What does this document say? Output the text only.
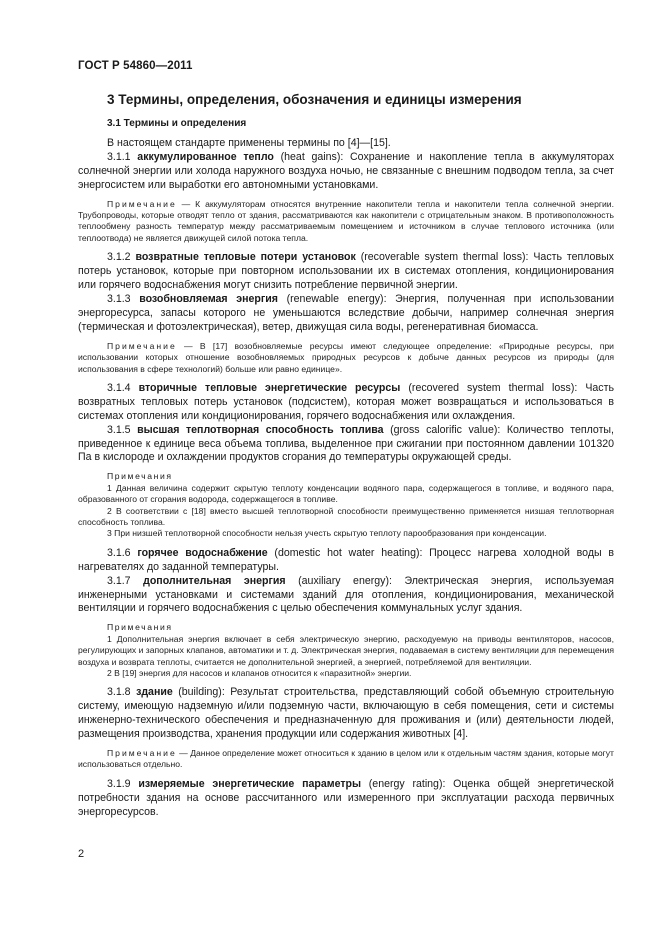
ГОСТ Р 54860—2011
3 Термины, определения, обозначения и единицы измерения
3.1 Термины и определения

В настоящем стандарте применены термины по [4]—[15].

3.1.1 аккумулированное тепло (heat gains): Сохранение и накопление тепла в аккумуляторах солнечной энергии или холода наружного воздуха ночью, не связанные с внешним подводом тепла, за счет энергосистем или выработки его автономными установками.

Примечание — К аккумуляторам относятся внутренние накопители тепла и накопители тепла солнечной энергии. Трубопроводы, которые отводят тепло от здания, рассматриваются как накопители с отрицательным знаком. В противоположность теплообмену разность температур между рассматриваемым помещением и источником в случае теплового источника (или теплоотвода) не является движущей силой потока тепла.

3.1.2 возвратные тепловые потери установок (recoverable system thermal loss): Часть тепловых потерь установок, которые при повторном использовании их в системах отопления, кондиционирования или горячего водоснабжения могут снизить потребление первичной энергии.

3.1.3 возобновляемая энергия (renewable energy): Энергия, полученная при использовании энергоресурса, запасы которого не уменьшаются вследствие добычи, например солнечная энергия (термическая и фотоэлектрическая), ветер, движущая сила воды, регенеративная биомасса.

Примечание — В [17] возобновляемые ресурсы имеют следующее определение: «Природные ресурсы, при использовании которых отношение возобновляемых природных ресурсов к добыче данных ресурсов из природы (для использования в сфере технологий) больше или равно единице».

3.1.4 вторичные тепловые энергетические ресурсы (recovered system thermal loss): Часть возвратных тепловых потерь установок (подсистем), которая может возвращаться и использоваться в системах отопления или кондиционирования, горячего водоснабжения или охлаждения.

3.1.5 высшая теплотворная способность топлива (gross calorific value): Количество теплоты, приведенное к единице веса объема топлива, выделенное при сжигании при постоянном давлении 101320 Па в кислороде и охлаждении продуктов сгорания до температуры окружающей среды.

Примечания

1 Данная величина содержит скрытую теплоту конденсации водяного пара, содержащегося в топливе, и водяного пара, образованного от сгорания водорода, содержащегося в топливе.

2 В соответствии с [18] вместо высшей теплотворной способности преимущественно применяется низшая теплотворная способность топлива.

3 При низшей теплотворной способности нельзя учесть скрытую теплоту парообразования при конденсации.

3.1.6 горячее водоснабжение (domestic hot water heating): Процесс нагрева холодной воды в нагревателях до заданной температуры.

3.1.7 дополнительная энергия (auxiliary energy): Электрическая энергия, используемая инженерными установками и системами зданий для отопления, кондиционирования, механической вентиляции и горячего водоснабжения с целью обеспечения коммунальных услуг здания.

Примечания

1 Дополнительная энергия включает в себя электрическую энергию, расходуемую на приводы вентиляторов, насосов, регулирующих и запорных клапанов, автоматики и т. д. Электрическая энергия, подаваемая в систему вентиляции для перемещения воздуха и возврата теплоты, считается не дополнительной энергией, а энергией, потребляемой для вентиляции.

2 В [19] энергия для насосов и клапанов относится к «паразитной» энергии.

3.1.8 здание (building): Результат строительства, представляющий собой объемную строительную систему, имеющую надземную и/или подземную части, включающую в себя помещения, сети и системы инженерно-технического обеспечения и предназначенную для проживания и (или) деятельности людей, размещения производства, хранения продукции или содержания животных [4].

Примечание — Данное определение может относиться к зданию в целом или к отдельным частям здания, которые могут использоваться отдельно.

3.1.9 измеряемые энергетические параметры (energy rating): Оценка общей энергетической потребности здания на основе рассчитанного или измеренного при эксплуатации расхода первичных энергоресурсов.

2
